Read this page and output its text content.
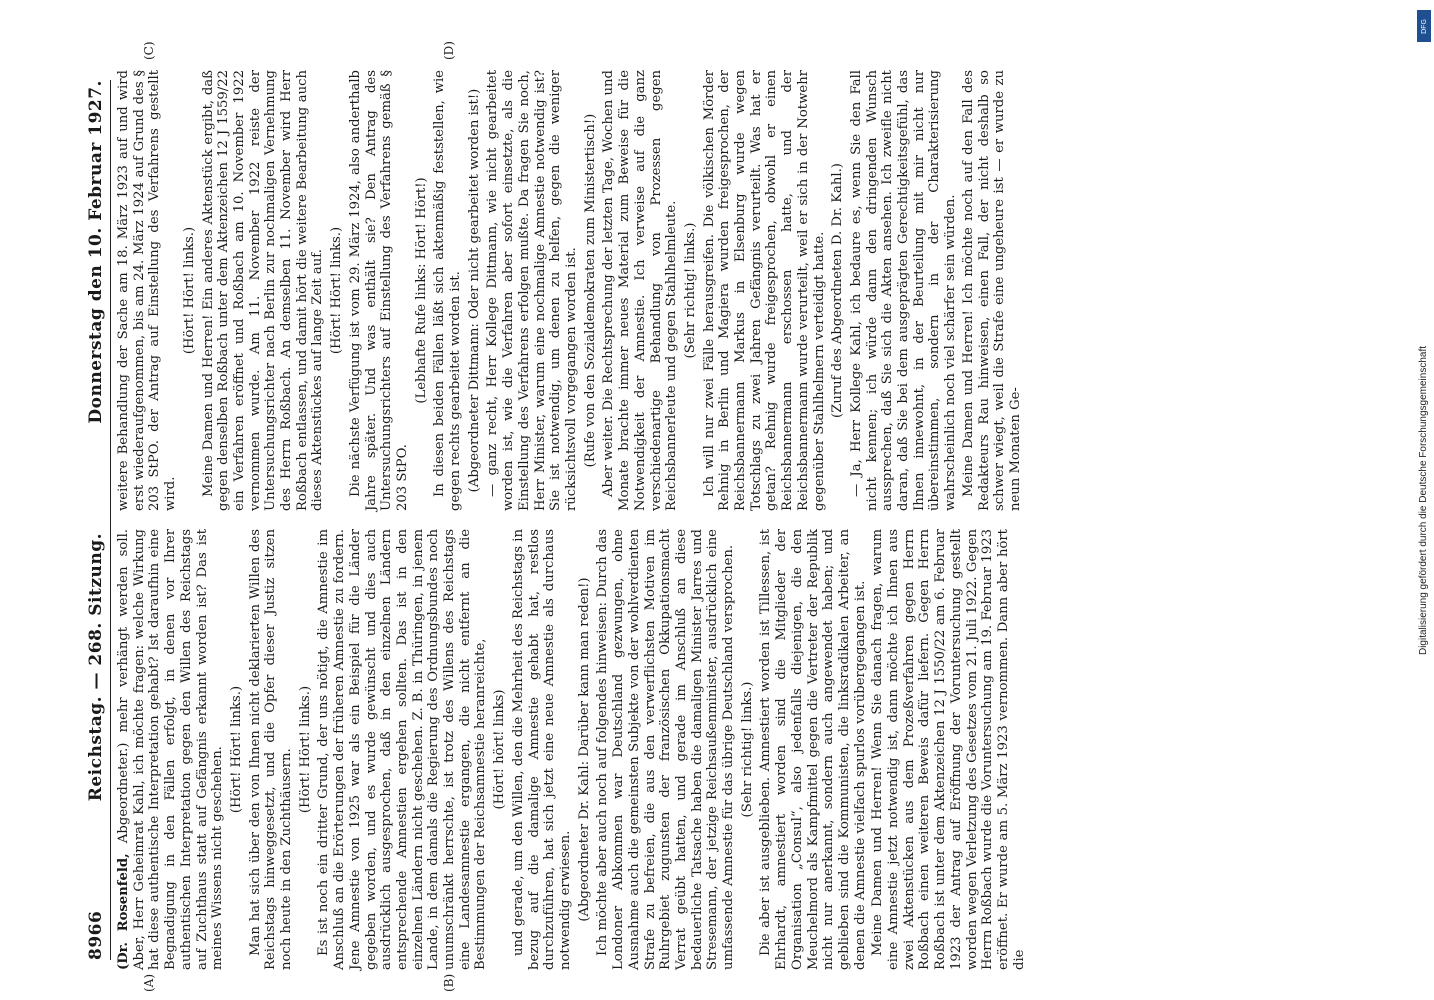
8966
Reichstag. — 268. Sitzung.
Donnerstag den 10. Februar 1927.
(A)	(B)
(C)	(D)

(Dr. Rosenfeld, Abgeordneter.) mehr verhängt werden soll. Aber, Herr Geheimrat Kahl, ich möchte fragen: welche Wirkung hat diese authentische Interpretation gehabt? Ist daraufhin eine Begnadigung in den Fällen erfolgt, in denen vor Ihrer authentischen Interpretation gegen den Willen des Reichstags auf Zuchthaus statt auf Gefängnis erkannt worden ist? Das ist meines Wissens nicht geschehen. (Hört! Hört! links.) Man hat sich über den von Ihnen nicht deklarierten Willen des Reichstags hinweggesetzt, und die Opfer dieser Justiz sitzen noch heute in den Zuchthäusern. (Hört! Hört! links.) Es ist noch ein dritter Grund, der uns nötigt, die Amnestie im Anschluß an die Erörterungen der früheren Amnestie zu fordern. Jene Amnestie von 1925 war als ein Beispiel für die Länder gegeben worden, und es wurde gewünscht und dies auch ausdrücklich ausgesprochen, daß in den einzelnen Ländern entsprechende Amnestien ergehen sollten. Das ist in den einzelnen Ländern nicht geschehen. Z. B. in Thüringen, in jenem Lande, in dem damals die Regierung des Ordnungsbundes noch unumschränkt herrschte, ist trotz des Willens des Reichstags eine Landesamnestie ergangen, die nicht entfernt an die Bestimmungen der Reichsamnestie heranreichte, (Hört! hört! links) und gerade, um den Willen, den die Mehrheit des Reichstags in bezug auf die damalige Amnestie gehabt hat, restlos durchzuführen, hat sich jetzt eine neue Amnestie als durchaus notwendig erwiesen. (Abgeordneter Dr. Kahl: Darüber kann man reden!) Ich möchte aber auch noch auf folgendes hinweisen: Durch das Londoner Abkommen war Deutschland gezwungen, ohne Ausnahme auch die gemeinsten Subjekte von der wohlverdienten Strafe zu befreien, die aus den verwerflichsten Motiven im Ruhrgebiet zugunsten der französischen Okkupationsmacht Verrat geübt hatten, und gerade im Anschluß an diese bedauerliche Tatsache haben die damaligen Minister Jarres und Stresemann, der jetzige Reichsaußenminister, ausdrücklich eine umfassende Amnestie für das übrige Deutschland versprochen. (Sehr richtig! links.) Die aber ist ausgeblieben. Amnestiert worden ist Tillessen, ist Ehrhardt, amnestiert worden sind die Mitglieder der Organisation „Consul“, also jedenfalls diejenigen, die den Meuchelmord als Kampfmittel gegen die Vertreter der Republik nicht nur anerkannt, sondern auch angewendet haben; und geblieben sind die Kommunisten, die linksradikalen Arbeiter, an denen die Amnestie vielfach spurlos vorübergegangen ist. Meine Damen und Herren! Wenn Sie danach fragen, warum eine Amnestie jetzt notwendig ist, dann möchte ich Ihnen aus zwei Aktenstücken aus dem Prozeßverfahren gegen Herrn Roßbach einen weiteren Beweis dafür liefern. Gegen Herrn Roßbach ist unter dem Aktenzeichen 12 J 1550/22 am 6. Februar 1923 der Antrag auf Eröffnung der Voruntersuchung gestellt worden wegen Verletzung des Gesetzes vom 21. Juli 1922. Gegen Herrn Roßbach wurde die Voruntersuchung am 19. Februar 1923 eröffnet. Er wurde am 5. März 1923 vernommen. Dann aber hört die

weitere Behandlung der Sache am 18. März 1923 auf und wird erst wiederaufgenommen, bis am 24. März 1924 auf Grund des § 203 StPO. der Antrag auf Einstellung des Verfahrens gestellt wird.

(Hört! Hört! links.) Meine Damen und Herren! Ein anderes Aktenstück ergibt, daß gegen denselben Roßbach unter dem Aktenzeichen 12 J 1559/22 ein Verfahren eröffnet und Roßbach am 10. November 1922 vernommen wurde. Am 11. November 1922 reiste der Untersuchungsrichter nach Berlin zur nochmaligen Vernehmung des Herrn Roßbach. An demselben 11. November wird Herr Roßbach entlassen, und damit hört die weitere Bearbeitung auch dieses Aktenstückes auf lange Zeit auf. (Hört! Hört! links.) Die nächste Verfügung ist vom 29. März 1924, also anderthalb Jahre später. Und was enthält sie? Den Antrag des Untersuchungsrichters auf Einstellung des Verfahrens gemäß § 203 StPO.

(Lebhafte Rufe links: Hört! Hört!) In diesen beiden Fällen läßt sich aktenmäßig feststellen, wie gegen rechts gearbeitet worden ist. (Abgeordneter Dittmann: Oder nicht gearbeitet worden ist!) — ganz recht, Herr Kollege Dittmann, wie nicht gearbeitet worden ist, wie die Verfahren aber sofort einsetzte, als die Einstellung des Verfahrens erfolgen mußte. Da fragen Sie noch, Herr Minister, warum eine nochmalige Amnestie notwendig ist? Sie ist notwendig, um denen zu helfen, gegen die weniger rücksichtsvoll vorgegangen worden ist. (Rufe von den Sozialdemokraten zum Ministertisch!) Aber weiter. Die Rechtsprechung der letzten Tage, Wochen und Monate brachte immer neues Material zum Beweise für die Notwendigkeit der Amnestie. Ich verweise auf die ganz verschiedenartige Behandlung von Prozessen gegen Reichsbannerleute und gegen Stahlhelmleute. (Sehr richtig! links.) Ich will nur zwei Fälle herausgreifen. Die völkischen Mörder Rehnig in Berlin und Magiera wurden freigesprochen, der Reichsbannermann Markus in Elsenburg wurde wegen Totschlags zu zwei Jahren Gefängnis verurteilt. Was hat er getan? Rehnig wurde freigesprochen, obwohl er einen Reichsbannermann erschossen hatte, und der Reichsbannermann wurde verurteilt, weil er sich in der Notwehr gegenüber Stahlhelmern verteidigt hatte. (Zuruf des Abgeordneten D. Dr. Kahl.) — Ja, Herr Kollege Kahl, ich bedaure es, wenn Sie den Fall nicht kennen; ich würde dann den dringenden Wunsch aussprechen, daß Sie sich die Akten ansehen. Ich zweifle nicht daran, daß Sie bei dem ausgeprägten Gerechtigkeitsgefühl, das Ihnen innewohnt, in der Beurteilung mit mir nicht nur übereinstimmen, sondern in der Charakterisierung wahrscheinlich noch viel schärfer sein würden. Meine Damen und Herren! Ich möchte noch auf den Fall des Redakteurs Rau hinweisen, einen Fall, der nicht deshalb so schwer wiegt, weil die Strafe eine ungeheure ist — er wurde zu neun Monaten Ge-

DFG
Digitalisierung gefördert durch die Deutsche Forschungsgemeinschaft
